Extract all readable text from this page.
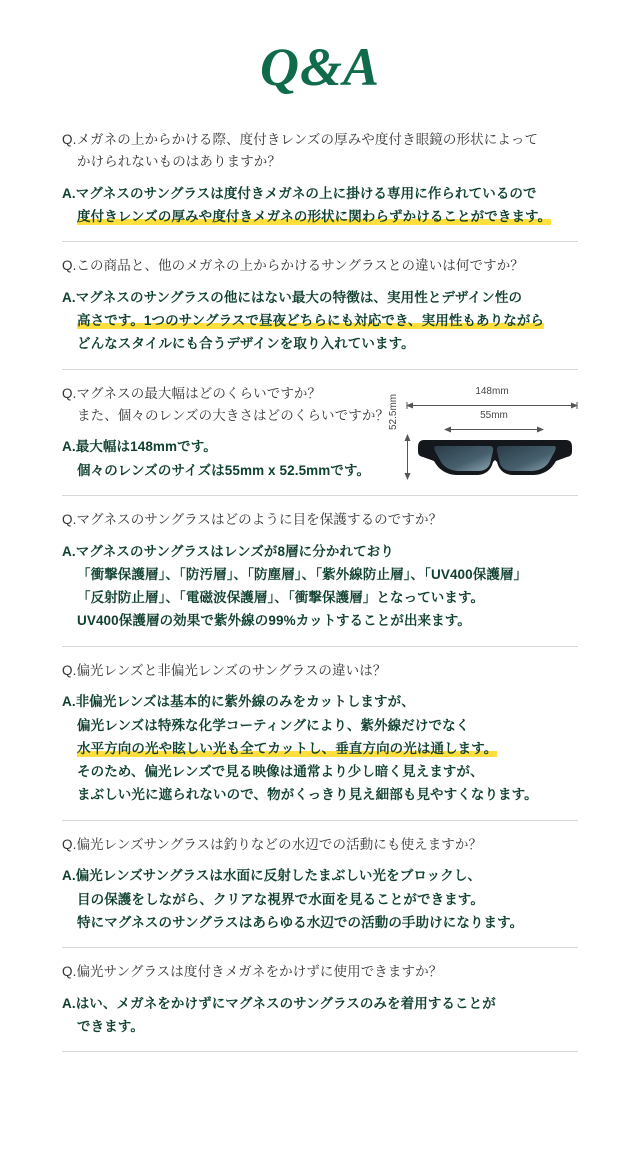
Q&A
Q.メガネの上からかける際、度付きレンズの厚みや度付き眼鏡の形状によって
かけられないものはありますか？
A.マグネスのサングラスは度付きメガネの上に掛ける専用に作られているので
度付きレンズの厚みや度付きメガネの形状に関わらずかけることができます。
Q.この商品と、他のメガネの上からかけるサングラスとの違いは何ですか？
A.マグネスのサングラスの他にはない最大の特徴は、実用性とデザイン性の
高さです。1つのサングラスで昼夜どちらにも対応でき、実用性もありながら
どんなスタイルにも合うデザインを取り入れています。
Q.マグネスの最大幅はどのくらいですか？
また、個々のレンズの大きさはどのくらいですか？
A.最大幅は148mmです。
個々のレンズのサイズは55mm x 52.5mmです。
148mm
55mm
52.5mm
Q.マグネスのサングラスはどのように目を保護するのですか？
A.マグネスのサングラスはレンズが8層に分かれており
「衝撃保護層」、「防汚層」、「防塵層」、「紫外線防止層」、「UV400保護層」
「反射防止層」、「電磁波保護層」、「衝撃保護層」となっています。
UV400保護層の効果で紫外線の99%カットすることが出来ます。
Q.偏光レンズと非偏光レンズのサングラスの違いは？
A.非偏光レンズは基本的に紫外線のみをカットしますが、
偏光レンズは特殊な化学コーティングにより、紫外線だけでなく
水平方向の光や眩しい光も全てカットし、垂直方向の光は通します。
そのため、偏光レンズで見る映像は通常より少し暗く見えますが、
まぶしい光に遮られないので、物がくっきり見え細部も見やすくなります。
Q.偏光レンズサングラスは釣りなどの水辺での活動にも使えますか？
A.偏光レンズサングラスは水面に反射したまぶしい光をブロックし、
目の保護をしながら、クリアな視界で水面を見ることができます。
特にマグネスのサングラスはあらゆる水辺での活動の手助けになります。
Q.偏光サングラスは度付きメガネをかけずに使用できますか？
A.はい、メガネをかけずにマグネスのサングラスのみを着用することが
できます。
